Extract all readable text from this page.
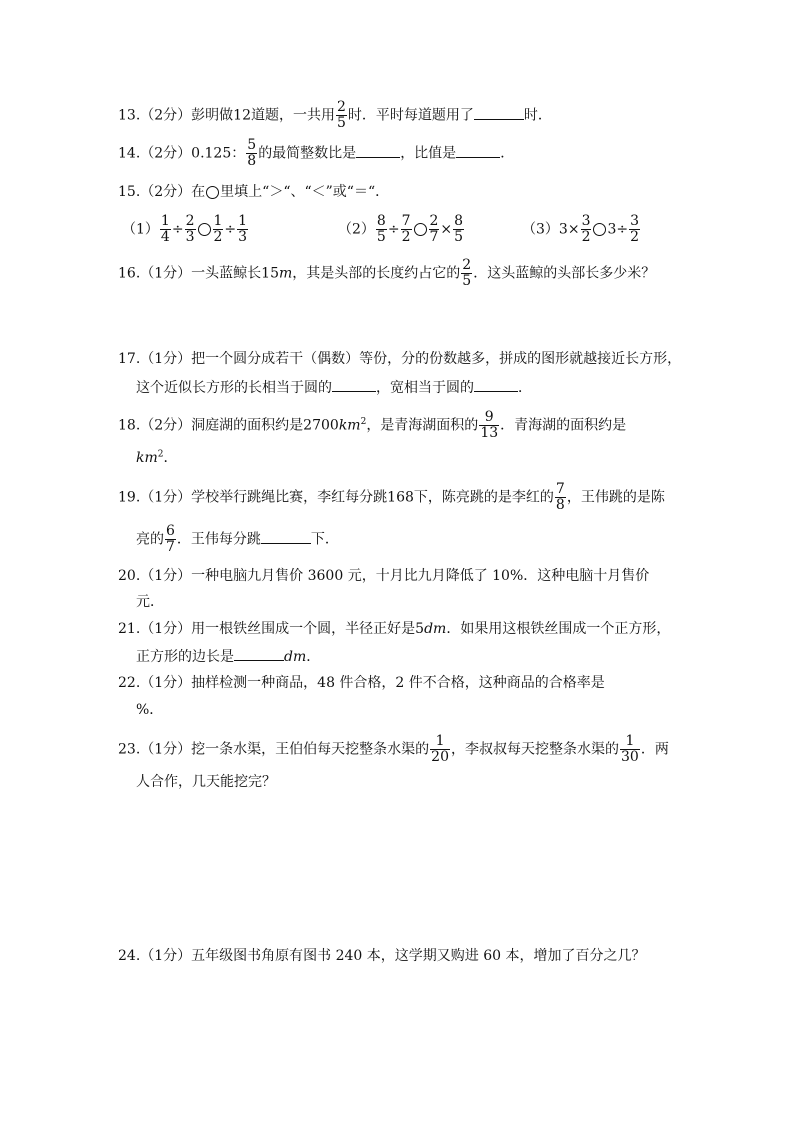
13.（2分）彭明做12道题，一共用 $\frac{2}{5}$ 时．平时每道题用了	时．
14.（2分）0.125： $\frac{5}{8}$ 的最简整数比是	，比值是	．
15.（2分）在 里填上“＞“、“＜”或“＝“．
$(1) \frac{1}{4} \div \frac{2}{3} \frac{1}{2} \div \frac{1}{3}$	$(2) \frac{8}{5} \div \frac{7}{2} \frac{2}{7} \times \frac{8}{5}$	$(3)3\times \frac{3}{2} 3\div \frac{3}{2}$
16.（1分）一头蓝鲸长15m，其是头部的长度约占它的 $\frac{2}{5}$ ．这头蓝鲸的头部长多少米？
17.（1分）把一个圆分成若干（偶数）等份，分的份数越多，拼成的图形就越接近长方形，
这个近似长方形的长相当于圆的	，宽相当于圆的	．
18.（2分）洞庭湖的面积约是$2700km^2$，是青海湖面积的 $\frac{9}{13}$ ．青海湖的面积约是
$km^2$．
19.（1分）学校举行跳绳比赛，李红每分跳168下，陈亮跳的是李红的 $\frac{7}{8}$ ，王伟跳的是陈
亮的 $\frac{6}{7}$ ．王伟每分跳	下．
20.（1分）一种电脑九月售价 3600 元，十月比九月降低了 10%．这种电脑十月售价
元．
21.（1分）用一根铁丝围成一个圆，半径正好是5dm．如果用这根铁丝围成一个正方形，
正方形的边长是	dm．
22.（1分）抽样检测一种商品，48 件合格，2 件不合格，这种商品的合格率是
%．
23.（1分）挖一条水渠，王伯伯每天挖整条水渠的 $\frac{1}{20}$ ，李叔叔每天挖整条水渠的 $\frac{1}{30}$ ．两
人合作，几天能挖完？
24.（1分）五年级图书角原有图书 240 本，这学期又购进 60 本，增加了百分之几？
